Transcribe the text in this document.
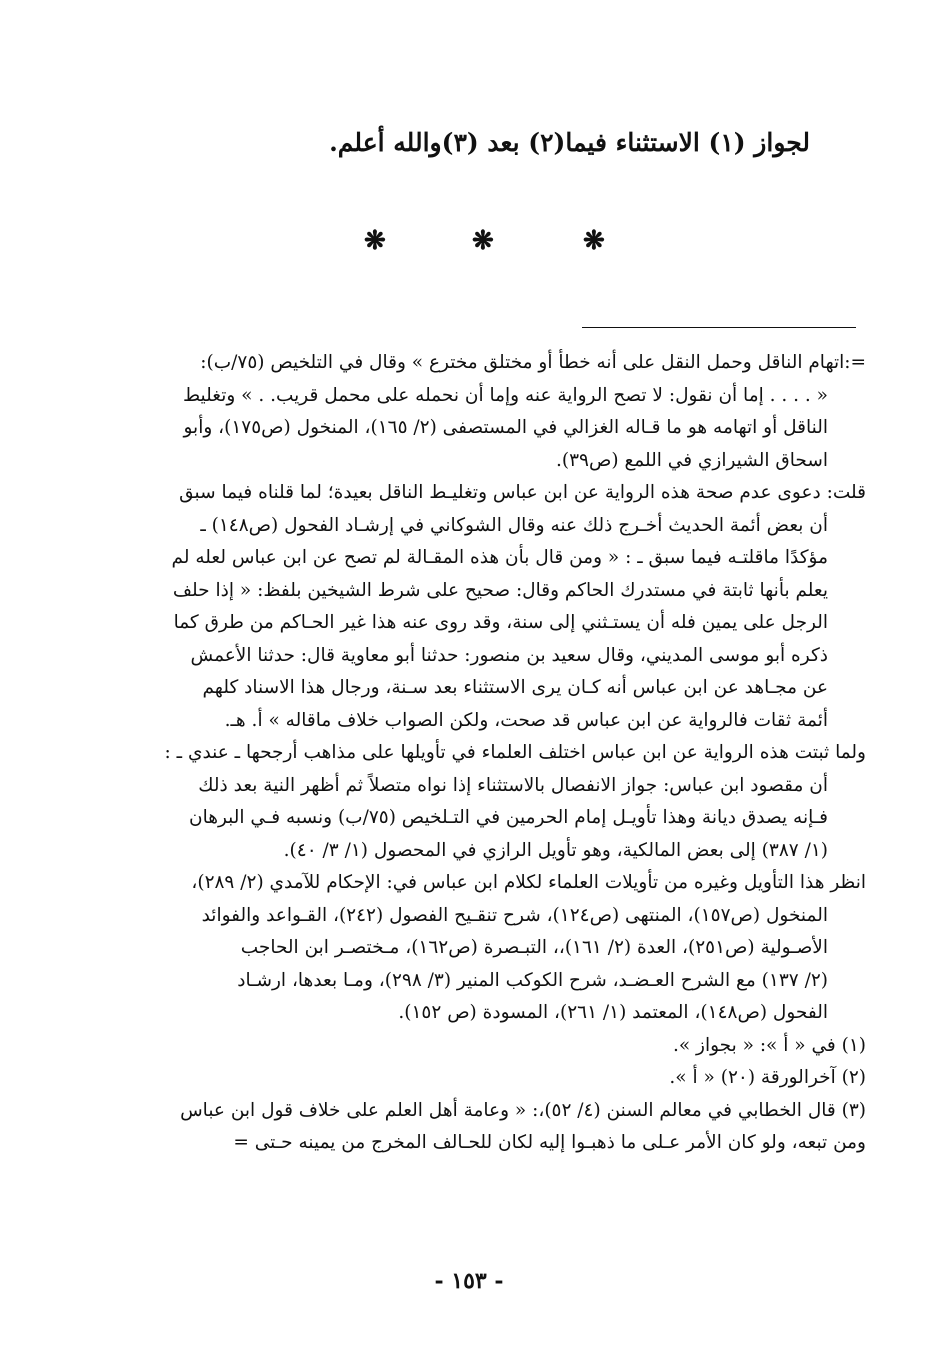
لجواز (١) الاستثناء فيما(٢) بعد (٣)والله أعلم.
❋
❋
❋
=:اتهام الناقل وحمل النقل على أنه خطأ أو مختلق مخترع » وقال في التلخيص (٧٥/ب):
« . . . . إما أن نقول: لا تصح الرواية عنه وإما أن نحمله على محمل قريب. . » وتغليط
الناقل أو اتهامه هو ما قـاله الغزالي في المستصفى (٢/ ١٦٥)، المنخول (ص١٧٥)، وأبو
اسحاق الشيرازي في اللمع (ص٣٩).
قلت: دعوى عدم صحة هذه الرواية عن ابن عباس وتغليـط الناقل بعيدة؛ لما قلناه فيما سبق
أن بعض أئمة الحديث أخـرج ذلك عنه وقال الشوكاني في إرشـاد الفحول (ص١٤٨) ـ
مؤكدًا ماقلتـه فيما سبق ـ : « ومن قال بأن هذه المقـالة لم تصح عن ابن عباس لعله لم
يعلم بأنها ثابتة في مستدرك الحاكم وقال: صحيح على شرط الشيخين بلفظ: « إذا حلف
الرجل على يمين فله أن يستـثني إلى سنة، وقد روى عنه هذا غير الحـاكم من طرق كما
ذكره أبو موسى المديني، وقال سعيد بن منصور: حدثنا أبو معاوية قال: حدثنا الأعمش
عن مجـاهد عن ابن عباس أنه كـان يرى الاستثناء بعد سـنة، ورجال هذا الاسناد كلهم
أئمة ثقات فالرواية عن ابن عباس قد صحت، ولكن الصواب خلاف ماقاله » أ. هـ.
ولما ثبتت هذه الرواية عن ابن عباس اختلف العلماء في تأويلها على مذاهب أرجحها ـ عندي ـ :
أن مقصود ابن عباس: جواز الانفصال بالاستثناء إذا نواه متصلاً ثم أظهر النية بعد ذلك
فـإنه يصدق ديانة وهذا تأويـل إمام الحرمين في التـلخيص (٧٥/ب) ونسبه فـي البرهان
(١/ ٣٨٧) إلى بعض المالكية، وهو تأويل الرازي في المحصول (١/ ٣/ ٤٠).
انظر هذا التأويل وغيره من تأويلات العلماء لكلام ابن عباس في: الإحكام للآمدي (٢/ ٢٨٩)،
المنخول (ص١٥٧)، المنتهى (ص١٢٤)، شرح تنقـيح الفصول (٢٤٢)، القـواعد والفوائد
الأصـولية (ص٢٥١)، العدة (٢/ ١٦١)،، التبـصرة (ص١٦٢)، مـختصـر ابن الحاجب
(٢/ ١٣٧) مع الشرح العـضـد، شرح الكوكب المنير (٣/ ٢٩٨)، ومـا بعدها، ارشـاد
الفحول (ص١٤٨)، المعتمد (١/ ٢٦١)، المسودة (ص ١٥٢).
(١) في « أ »: « بجواز ».
(٢) آخرالورقة (٢٠) « أ ».
(٣) قال الخطابي في معالم السنن (٤/ ٥٢)،: « وعامة أهل العلم على خلاف قول ابن عباس
ومن تبعه، ولو كان الأمر عـلى ما ذهبـوا إليه لكان للحـالف المخرج من يمينه حـتى =
- ١٥٣ -
